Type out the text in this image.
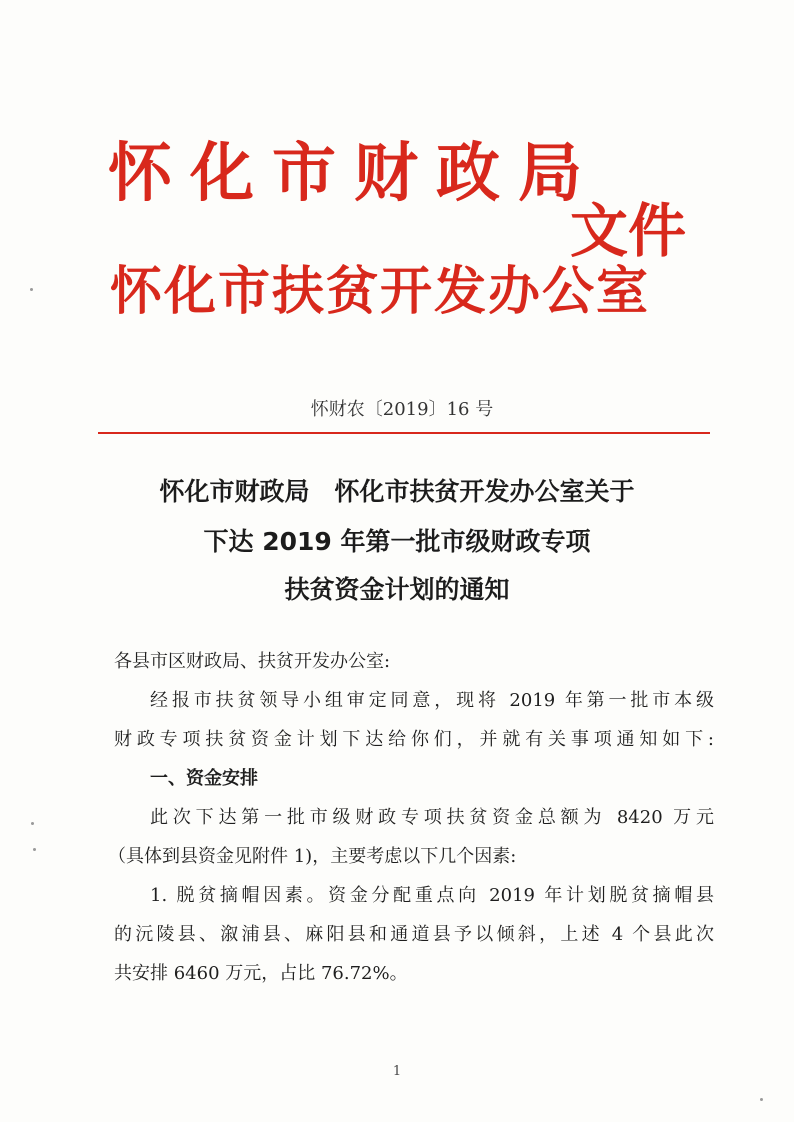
怀化市财政局
文件
怀化市扶贫开发办公室
怀财农〔2019〕16 号
怀化市财政局　怀化市扶贫开发办公室关于
下达 2019 年第一批市级财政专项
扶贫资金计划的通知
各县市区财政局、扶贫开发办公室:
经报市扶贫领导小组审定同意，现将 2019 年第一批市本级
财政专项扶贫资金计划下达给你们，并就有关事项通知如下:
一、资金安排
此次下达第一批市级财政专项扶贫资金总额为 8420 万元
（具体到县资金见附件 1)，主要考虑以下几个因素:
1. 脱贫摘帽因素。资金分配重点向 2019 年计划脱贫摘帽县
的沅陵县、溆浦县、麻阳县和通道县予以倾斜，上述 4 个县此次
共安排 6460 万元，占比 76.72%。
1
